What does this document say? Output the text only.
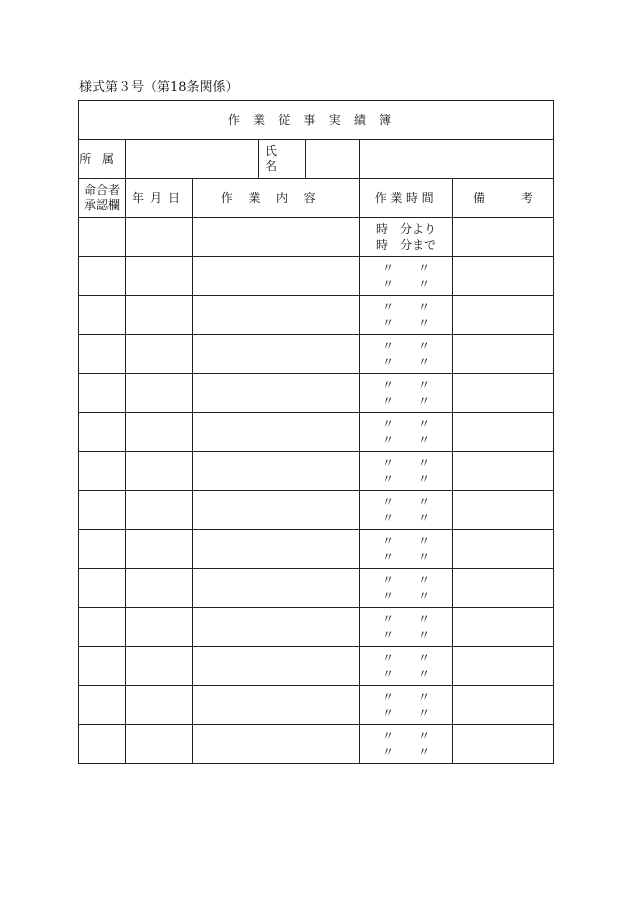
様式第３号（第18条関係）
作業従事実績簿					
所属			氏名		

命合者
承認欄	年月日	作業内容		作業時間	備 考

				時　分より
時　分まで	

				〃 〃
〃 〃	

				〃 〃
〃 〃	

				〃 〃
〃 〃	

				〃 〃
〃 〃	

				〃 〃
〃 〃	

				〃 〃
〃 〃	

				〃 〃
〃 〃	

				〃 〃
〃 〃	

				〃 〃
〃 〃	

				〃 〃
〃 〃	

				〃 〃
〃 〃	

				〃 〃
〃 〃	

				〃 〃
〃 〃	
